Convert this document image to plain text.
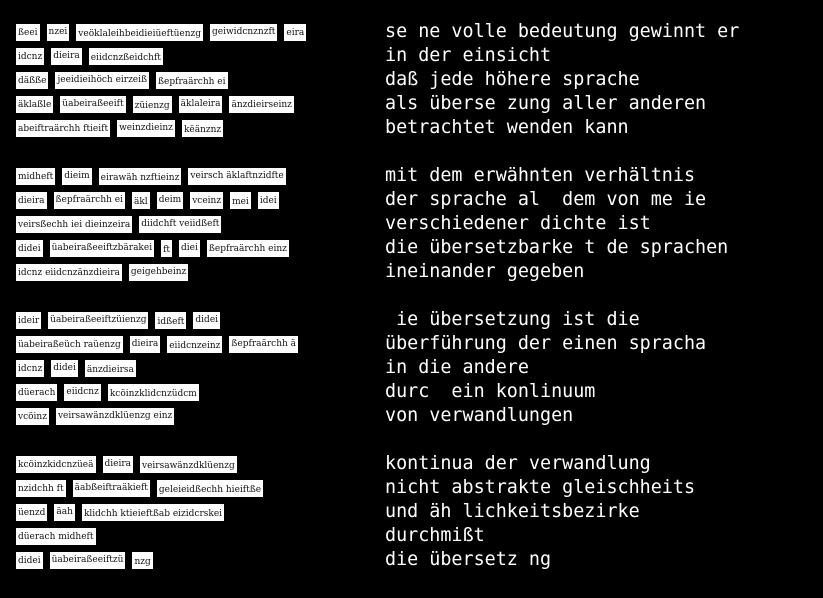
ßeei nzei veöklaleihbeidieiüeftüenzg geiwidcnznzft eira
idcnz dieira eiidcnzßeidchft
däßße jeeidieihöch eirzeiß ßepfraärchh ei
äklaßle üabeiraßeeift züienzg äklaleira änzdieirseinz
abeiftraärchh ftieift weinzdieinz këänznz
midheft dieim eirawäh nzftieinz veirsch äklaftnzidfte
dieira ßepfraärchh ei äkl deim vceinz mei idei
veirsßechh iei dieinzeira diidchft veiidßeft
didei üabeiraßeeiftzbärakei ft diei ßepfraärchh einz
idcnz eiidcnzänzdieira geigehbeinz
ideir üabeiraßeeiftzüienzg idßeft didei
üabeiraßeüch raüenzg dieira eiidcnzeinz ßepfraärchh ä
idcnz didei änzdieirsa
düerach eiidcnz kcöinzklidcnzüdcm
vcöinz veirsawänzdklüenzg einz
kcöinzkidcnzüeä dieira veirsawänzdklüenzg
nzidchh ft äabßeiftraäkieft geleieidßechh hieiftße
üenzd äah klidchh ktieieftßab eizidcrskei
düerach midheft
didei üabeiraßeeiftzü nzg
se ne volle bedeutung gewinnt er
in der einsicht
daß jede höhere sprache
als überse zung aller anderen
betrachtet wenden kann
mit dem erwähnten verhältnis
der sprache al  dem von me ie
verschiedener dichte ist
die übersetzbarke t de sprachen
ineinander gegeben
ie übersetzung ist die
überführung der einen spracha
in die andere
durc  ein konlinuum
von verwandlungen
kontinua der verwandlung
nicht abstrakte gleischheits
und äh lichkeitsbezirke
durchmißt
die übersetz ng
